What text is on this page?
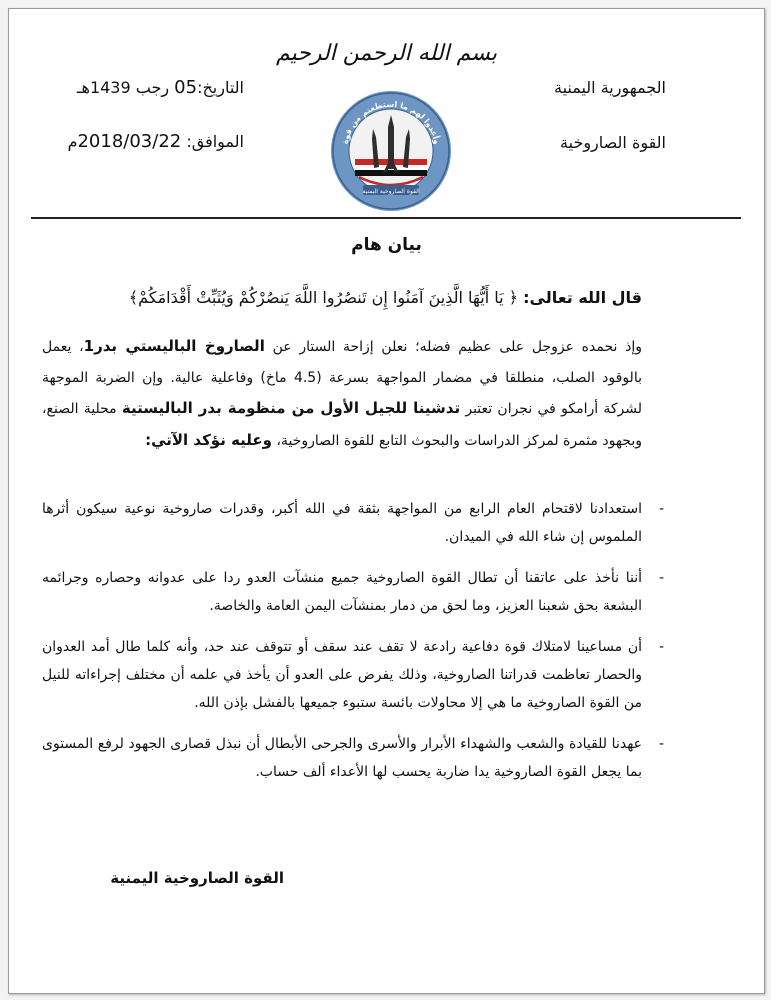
بسم الله الرحمن الرحيم
الجمهورية اليمنية
القوة الصاروخية
التاريخ:
05

رجب 1439هـ
الموافق:

2018/03/22
م	وأعدوا لهم ما استطعتم من قوة
القوة الصاروخية اليمنية
بيان هام
قال الله تعالى: ﴿ يَا أَيُّهَا الَّذِينَ آمَنُوا إِن تَنصُرُوا اللَّهَ يَنصُرْكُمْ وَيُثَبِّتْ أَقْدَامَكُمْ﴾
وإذ نحمده عزوجل على عظيم فضله؛ نعلن إزاحة الستار عن الصاروخ الباليستي بدر1، يعمل بالوقود الصلب، منطلقا في مضمار المواجهة بسرعة (4.5 ماخ) وفاعلية عالية. وإن الضربة الموجهة لشركة أرامكو في نجران تعتبر تدشينا للجيل الأول من منظومة بدر الباليستية محلية الصنع، وبجهود مثمرة لمركز الدراسات والبحوث التابع للقوة الصاروخية، وعليه نؤكد الآتي:
- استعدادنا لاقتحام العام الرابع من المواجهة بثقة في الله أكبر، وقدرات صاروخية نوعية سيكون أثرها الملموس إن شاء الله في الميدان.
- أننا نأخذ على عاتقنا أن تطال القوة الصاروخية جميع منشآت العدو ردا على عدوانه وحصاره وجرائمه البشعة بحق شعبنا العزيز، وما لحق من دمار بمنشآت اليمن العامة والخاصة.
- أن مساعينا لامتلاك قوة دفاعية رادعة لا تقف عند سقف أو تتوقف عند حد، وأنه كلما طال أمد العدوان والحصار تعاظمت قدراتنا الصاروخية، وذلك يفرض على العدو أن يأخذ في علمه أن مختلف إجراءاته للنيل من القوة الصاروخية ما هي إلا محاولات بائسة ستبوء جميعها بالفشل بإذن الله.
- عهدنا للقيادة والشعب والشهداء الأبرار والأسرى والجرحى الأبطال أن نبذل قصارى الجهود لرفع المستوى بما يجعل القوة الصاروخية يدا ضاربة يحسب لها الأعداء ألف حساب.
القوة الصاروخية اليمنية
